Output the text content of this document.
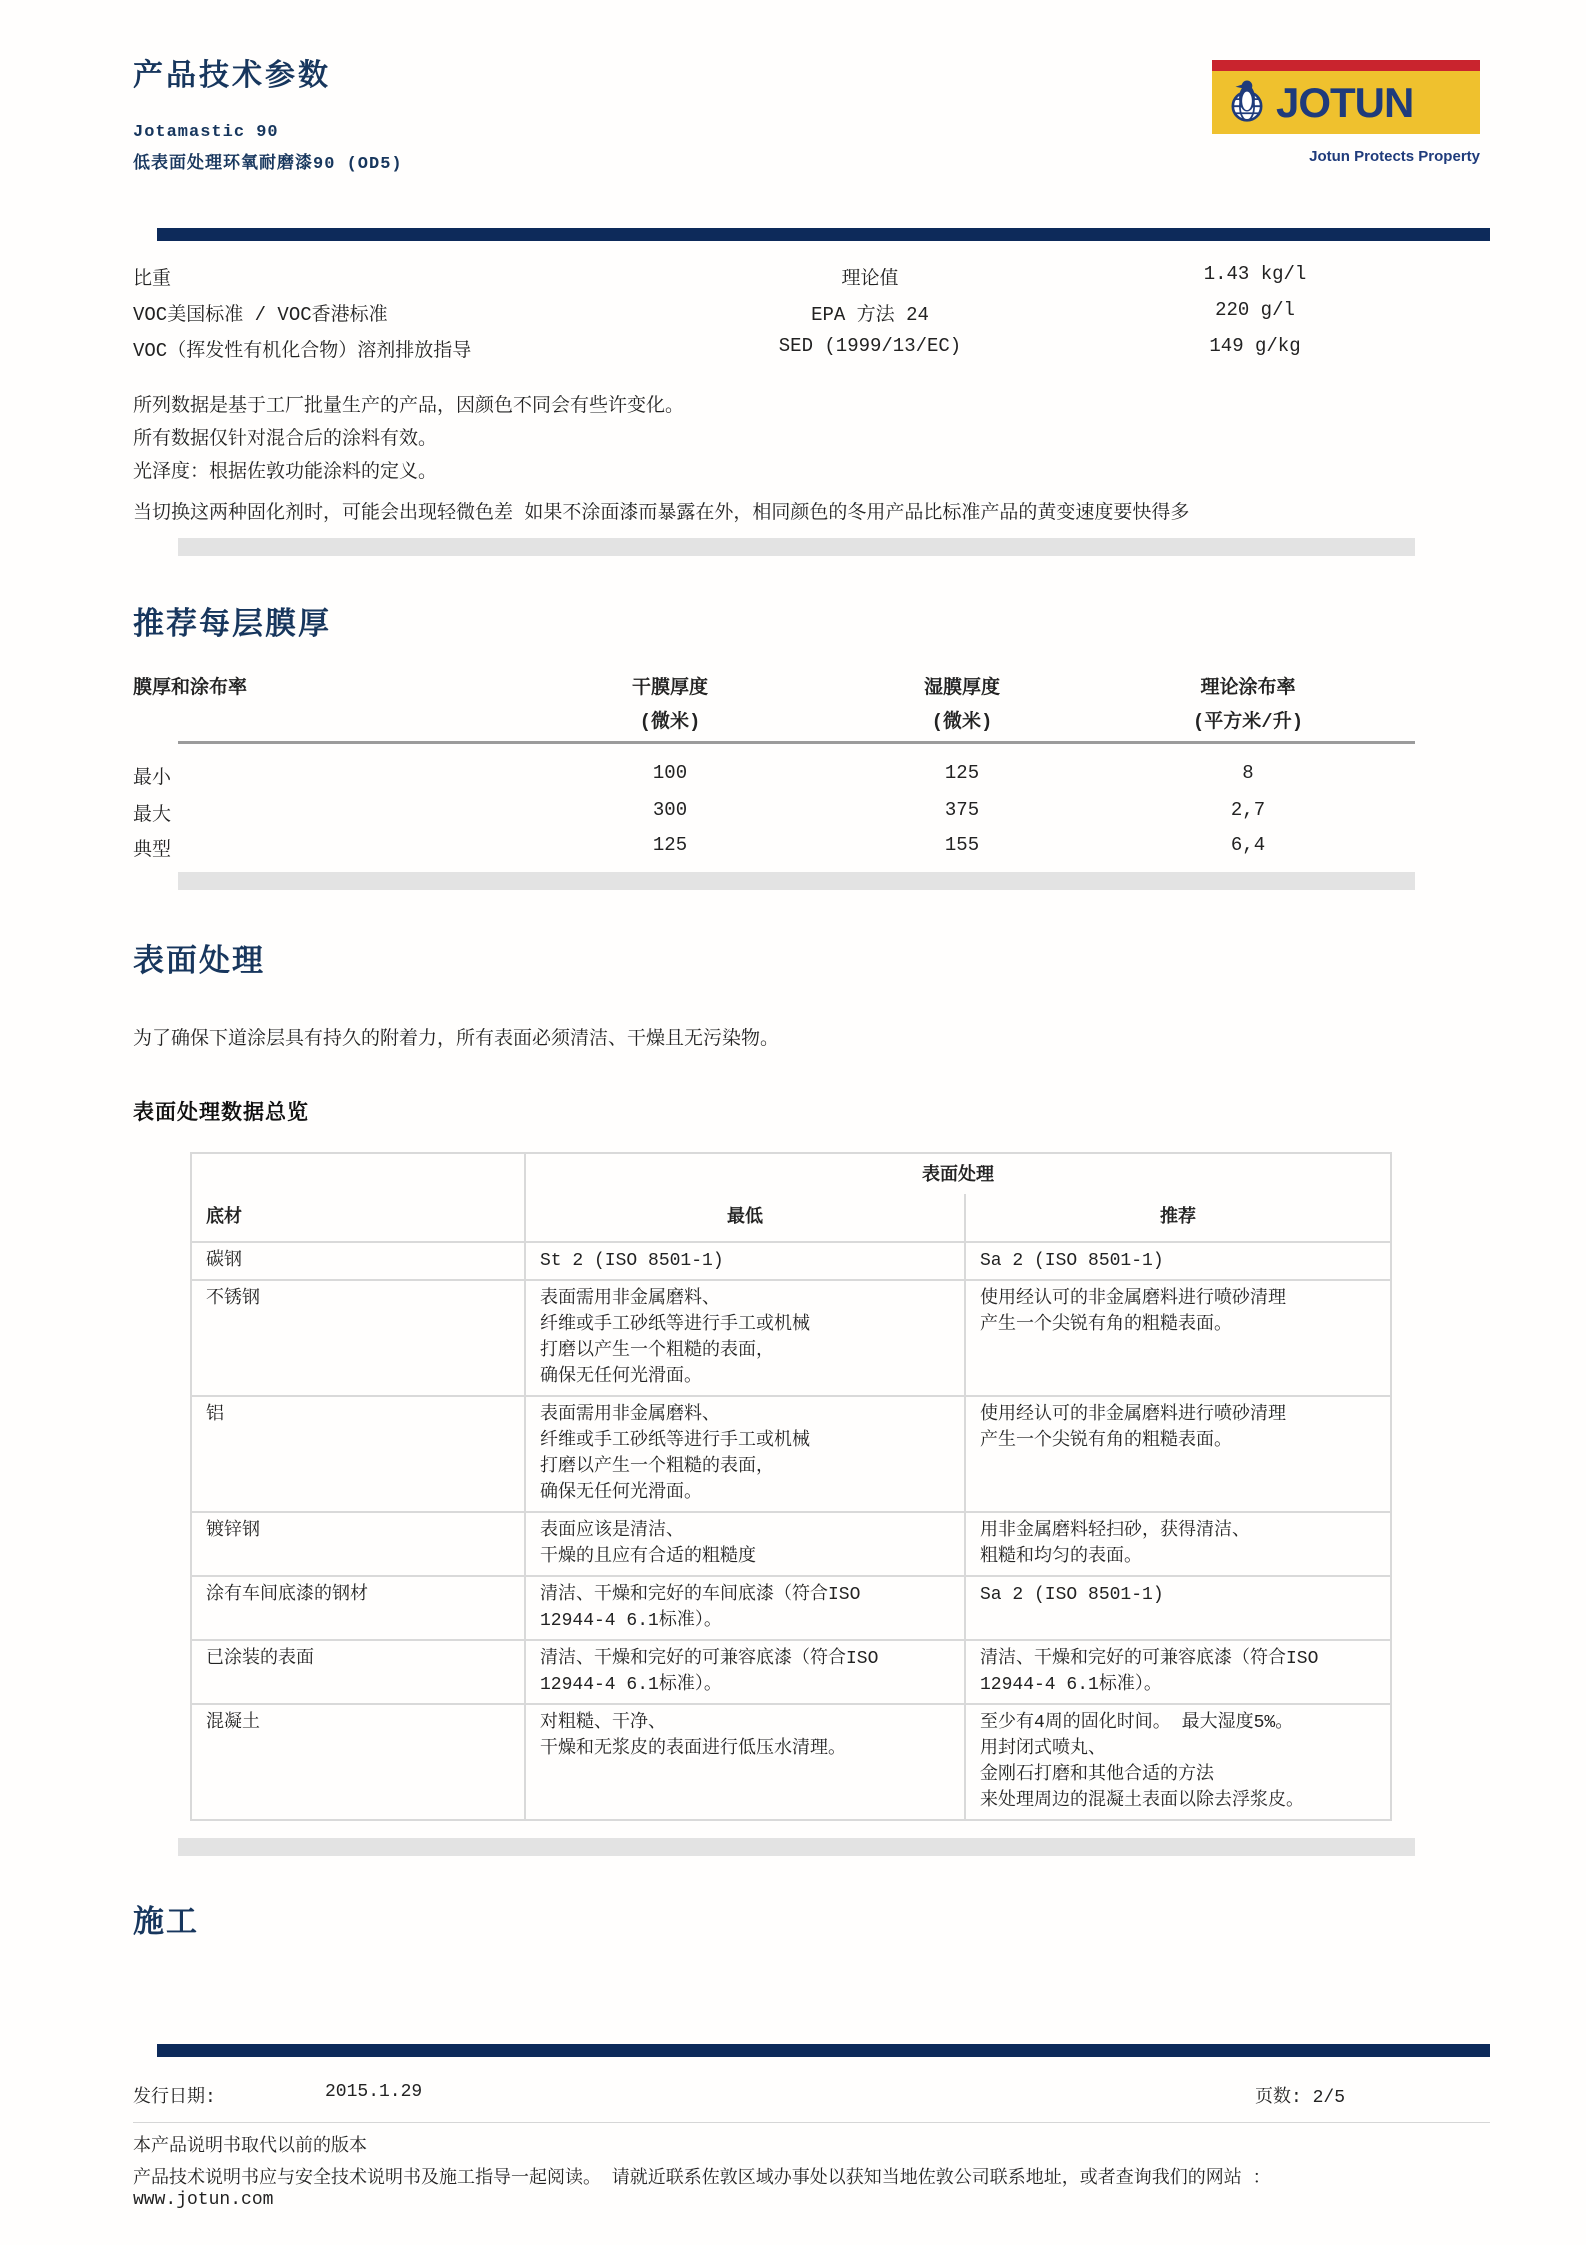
产品技术参数
Jotamastic 90
低表面处理环氧耐磨漆90 (OD5)
JOTUN
Jotun Protects Property
比重	理论值	1.43 kg/l
VOC美国标准 / VOC香港标准	EPA 方法 24	220 g/l
VOC（挥发性有机化合物）溶剂排放指导	SED (1999/13/EC)	149 g/kg
所列数据是基于工厂批量生产的产品，因颜色不同会有些许变化。
所有数据仅针对混合后的涂料有效。
光泽度：根据佐敦功能涂料的定义。
当切换这两种固化剂时，可能会出现轻微色差 如果不涂面漆而暴露在外，相同颜色的冬用产品比标准产品的黄变速度要快得多
推荐每层膜厚
膜厚和涂布率	干膜厚度	湿膜厚度	理论涂布率
(微米)	(微米)	(平方米/升)
最小	100	125	8
最大	300	375	2,7
典型	125	155	6,4
表面处理
为了确保下道涂层具有持久的附着力，所有表面必须清洁、干燥且无污染物。
表面处理数据总览
	表面处理	
底材	最低	推荐
碳钢	St 2 (ISO 8501-1)	Sa 2 (ISO 8501-1)
不锈钢	表面需用非金属磨料、
纤维或手工砂纸等进行手工或机械
打磨以产生一个粗糙的表面，
确保无任何光滑面。	使用经认可的非金属磨料进行喷砂清理
产生一个尖锐有角的粗糙表面。
铝	表面需用非金属磨料、
纤维或手工砂纸等进行手工或机械
打磨以产生一个粗糙的表面，
确保无任何光滑面。	使用经认可的非金属磨料进行喷砂清理
产生一个尖锐有角的粗糙表面。
镀锌钢	表面应该是清洁、
干燥的且应有合适的粗糙度	用非金属磨料轻扫砂，获得清洁、
粗糙和均匀的表面。
涂有车间底漆的钢材	清洁、干燥和完好的车间底漆（符合ISO
12944-4 6.1标准）。	Sa 2 (ISO 8501-1)
已涂装的表面	清洁、干燥和完好的可兼容底漆（符合ISO
12944-4 6.1标准）。	清洁、干燥和完好的可兼容底漆（符合ISO
12944-4 6.1标准）。
混凝土	对粗糙、干净、
干燥和无浆皮的表面进行低压水清理。	至少有4周的固化时间。 最大湿度5%。
用封闭式喷丸、
金刚石打磨和其他合适的方法
来处理周边的混凝土表面以除去浮浆皮。
施工
发行日期:	2015.1.29	页数: 2/5
本产品说明书取代以前的版本
产品技术说明书应与安全技术说明书及施工指导一起阅读。 请就近联系佐敦区域办事处以获知当地佐敦公司联系地址，或者查询我们的网站 ：
www.jotun.com
